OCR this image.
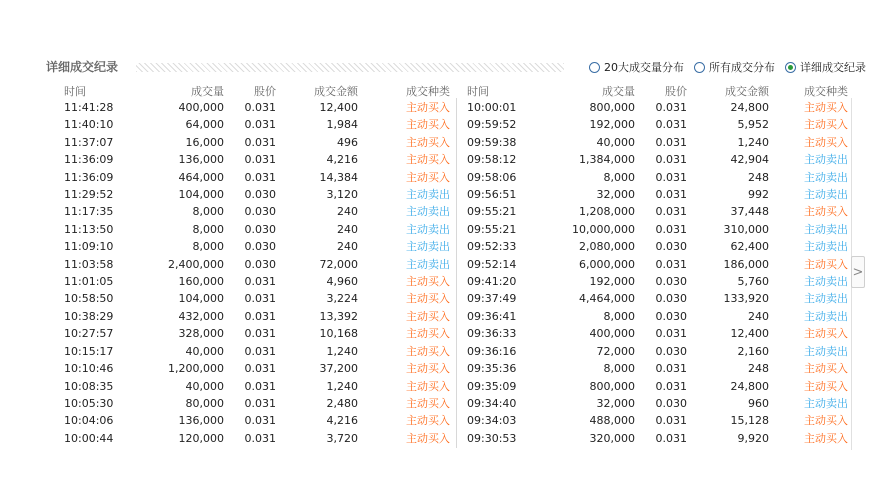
详细成交纪录	20大成交量分布 所有成交分布 详细成交纪录
时间	成交量	股价	成交金额	成交种类
11:41:28	400,000	0.031	12,400	主动买入
11:40:10	64,000	0.031	1,984	主动买入
11:37:07	16,000	0.031	496	主动买入
11:36:09	136,000	0.031	4,216	主动买入
11:36:09	464,000	0.031	14,384	主动买入
11:29:52	104,000	0.030	3,120	主动卖出
11:17:35	8,000	0.030	240	主动卖出
11:13:50	8,000	0.030	240	主动卖出
11:09:10	8,000	0.030	240	主动卖出
11:03:58	2,400,000	0.030	72,000	主动卖出
11:01:05	160,000	0.031	4,960	主动买入
10:58:50	104,000	0.031	3,224	主动买入
10:38:29	432,000	0.031	13,392	主动买入
10:27:57	328,000	0.031	10,168	主动买入
10:15:17	40,000	0.031	1,240	主动买入
10:10:46	1,200,000	0.031	37,200	主动买入
10:08:35	40,000	0.031	1,240	主动买入
10:05:30	80,000	0.031	2,480	主动买入
10:04:06	136,000	0.031	4,216	主动买入
10:00:44	120,000	0.031	3,720	主动买入
时间	成交量	股价	成交金额	成交种类
10:00:01	800,000	0.031	24,800	主动买入
09:59:52	192,000	0.031	5,952	主动买入
09:59:38	40,000	0.031	1,240	主动买入
09:58:12	1,384,000	0.031	42,904	主动卖出
09:58:06	8,000	0.031	248	主动卖出
09:56:51	32,000	0.031	992	主动卖出
09:55:21	1,208,000	0.031	37,448	主动买入
09:55:21	10,000,000	0.031	310,000	主动卖出
09:52:33	2,080,000	0.030	62,400	主动卖出
09:52:14	6,000,000	0.031	186,000	主动买入
09:41:20	192,000	0.030	5,760	主动卖出
09:37:49	4,464,000	0.030	133,920	主动卖出
09:36:41	8,000	0.030	240	主动卖出
09:36:33	400,000	0.031	12,400	主动买入
09:36:16	72,000	0.030	2,160	主动卖出
09:35:36	8,000	0.031	248	主动买入
09:35:09	800,000	0.031	24,800	主动买入
09:34:40	32,000	0.030	960	主动卖出
09:34:03	488,000	0.031	15,128	主动买入
09:30:53	320,000	0.031	9,920	主动买入
>
